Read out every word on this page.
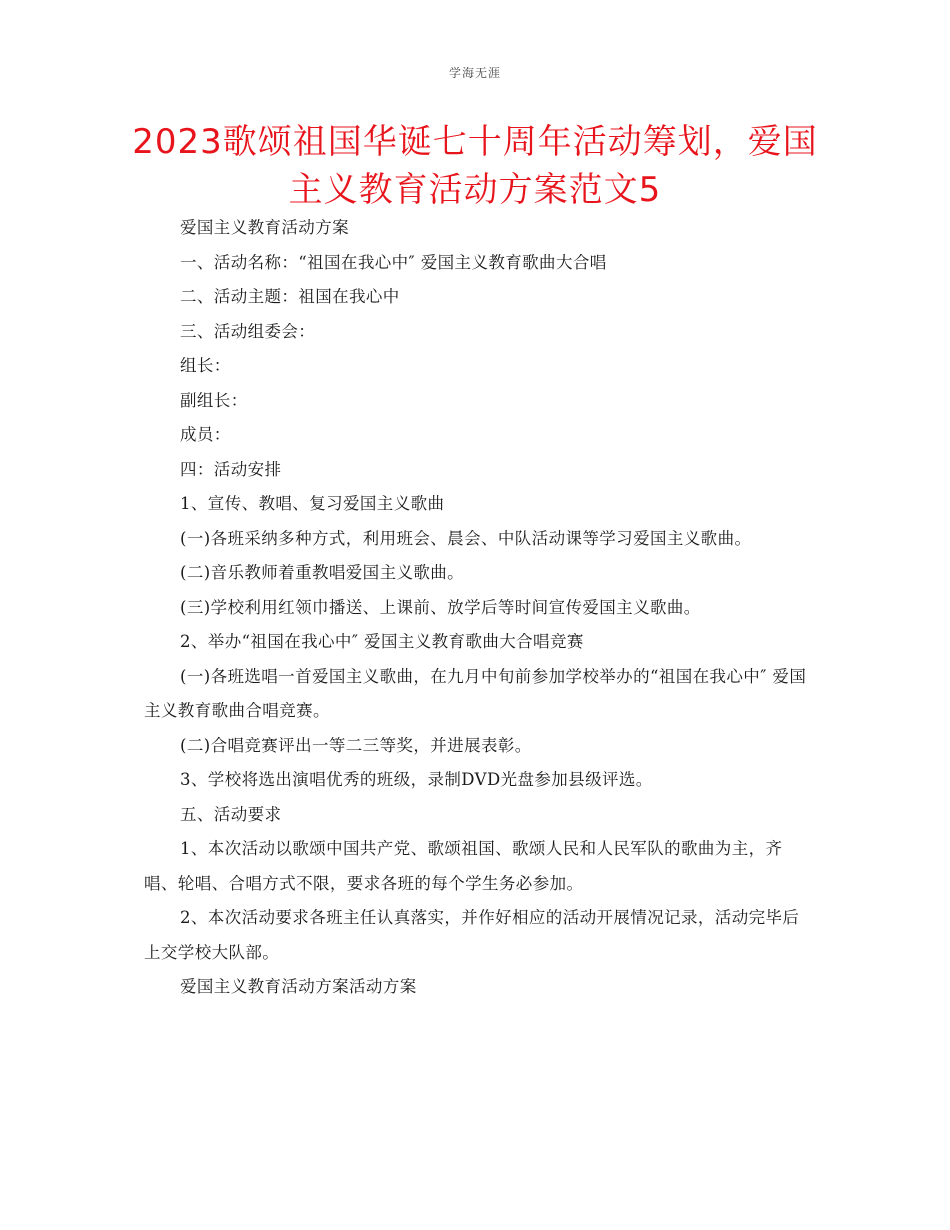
学海无涯
2023歌颂祖国华诞七十周年活动筹划，爱国主义教育活动方案范文5

爱国主义教育活动方案

一、活动名称：“祖国在我心中″ 爱国主义教育歌曲大合唱

二、活动主题：祖国在我心中

三、活动组委会：

组长：

副组长：

成员：

四：活动安排

1、宣传、教唱、复习爱国主义歌曲

(一)各班采纳多种方式，利用班会、晨会、中队活动课等学习爱国主义歌曲。

(二)音乐教师着重教唱爱国主义歌曲。

(三)学校利用红领巾播送、上课前、放学后等时间宣传爱国主义歌曲。

2、举办“祖国在我心中″ 爱国主义教育歌曲大合唱竞赛

(一)各班选唱一首爱国主义歌曲，在九月中旬前参加学校举办的“祖国在我心中″ 爱国主义教育歌曲合唱竞赛。

(二)合唱竞赛评出一等二三等奖，并进展表彰。

3、学校将选出演唱优秀的班级，录制DVD光盘参加县级评选。

五、活动要求

1、本次活动以歌颂中国共产党、歌颂祖国、歌颂人民和人民军队的歌曲为主，齐唱、轮唱、合唱方式不限，要求各班的每个学生务必参加。

2、本次活动要求各班主任认真落实，并作好相应的活动开展情况记录，活动完毕后上交学校大队部。

爱国主义教育活动方案活动方案
